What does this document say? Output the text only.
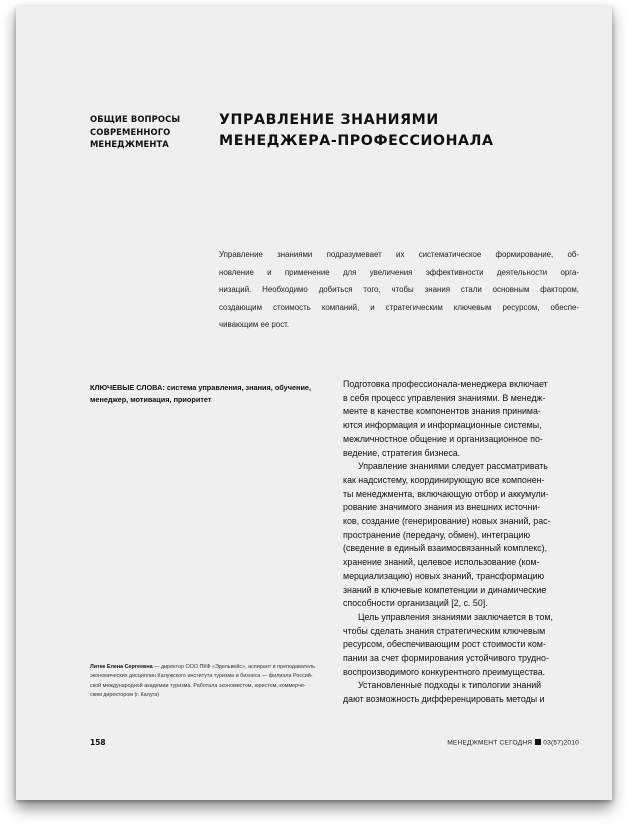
ОБЩИЕ ВОПРОСЫ
СОВРЕМЕННОГО
МЕНЕДЖМЕНТА
УПРАВЛЕНИЕ ЗНАНИЯМИ
МЕНЕДЖЕРА-ПРОФЕССИОНАЛА
Управление знаниями подразумевает их систематическое формирование, об-
новление и применение для увеличения эффективности деятельности орга-
низаций. Необходимо добиться того, чтобы знания стали основным фактором,
создающим стоимость компаний, и стратегическим ключевым ресурсом, обеспе-
чивающим ее рост.
КЛЮЧЕВЫЕ СЛОВА: система управления, знания, обучение,
менеджер, мотивация, приоритет
Литке Елена Сергеевна — директор ООО ПКФ «Эдельвейс», аспирант и преподаватель
экономических дисциплин Калужского института туризма и бизнеса — филиала Россий-
ской международной академии туризма. Работала экономистом, юристом, коммерче-
ским директором (г. Калуга)
Подготовка профессионала-менеджера включает
в себя процесс управления знаниями. В менедж-
менте в качестве компонентов знания принима-
ются информация и информационные системы,
межличностное общение и организационное по-
ведение, стратегия бизнеса.
Управление знаниями следует рассматривать
как надсистему, координирующую все компонен-
ты менеджмента, включающую отбор и аккумули-
рование значимого знания из внешних источни-
ков, создание (генерирование) новых знаний, рас-
пространение (передачу, обмен), интеграцию
(сведение в единый взаимосвязанный комплекс),
хранение знаний, целевое использование (ком-
мерциализацию) новых знаний, трансформацию
знаний в ключевые компетенции и динамические
способности организаций [2, с. 50].
Цель управления знаниями заключается в том,
чтобы сделать знания стратегическим ключевым
ресурсом, обеспечивающим рост стоимости ком-
пании за счет формирования устойчивого трудно-
воспроизводимого конкурентного преимущества.
Установленные подходы к типологии знаний
дают возможность дифференцировать методы и
158	МЕНЕДЖМЕНТ СЕГОДНЯ 03(57)2010
